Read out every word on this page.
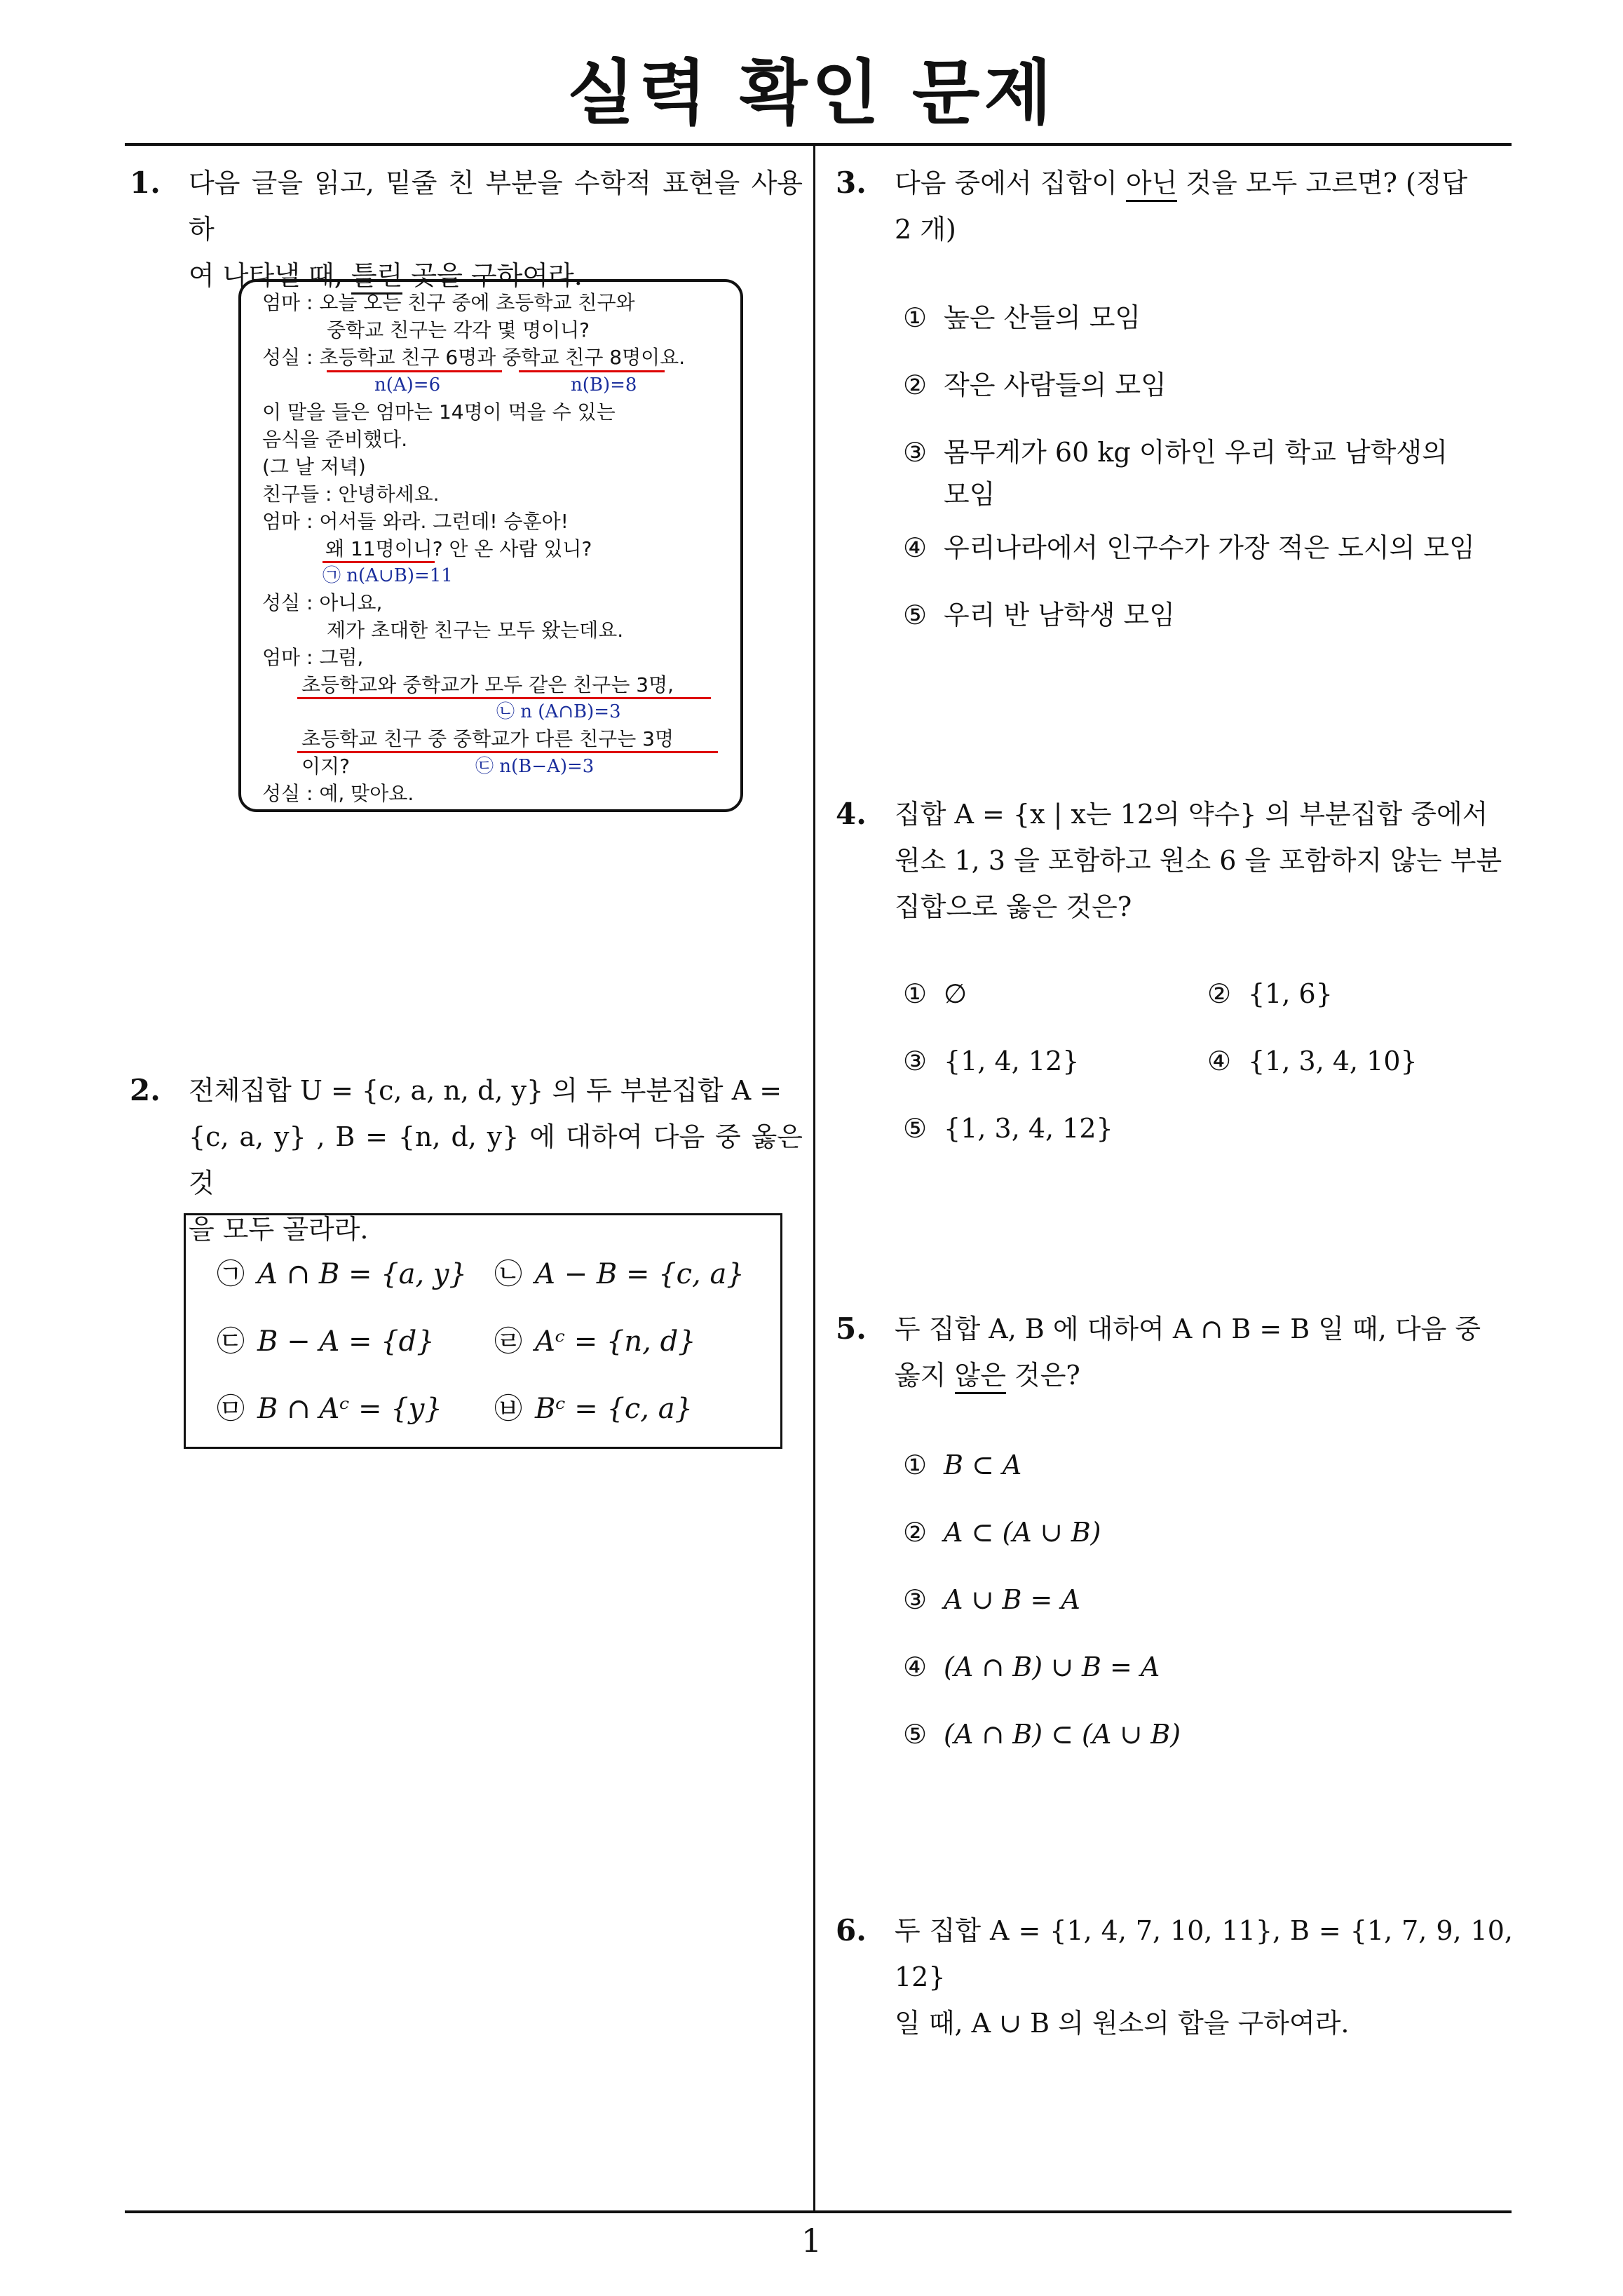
실력 확인 문제
1
1. 다음 글을 읽고, 밑줄 친 부분을 수학적 표현을 사용하
여 나타낼 때, 틀린 곳을 구하여라.
엄마 : 오늘 오는 친구 중에 초등학교 친구와
중학교 친구는 각각 몇 명이니?
성실 : 초등학교 친구 6명과 중학교 친구 8명이요.
n(A)=6	n(B)=8
이 말을 들은 엄마는 14명이 먹을 수 있는
음식을 준비했다.
(그 날 저녁)
친구들 : 안녕하세요.
엄마 : 어서들 와라. 그런데! 승훈아!
왜 11명이니? 안 온 사람 있니?
㉠ n(A∪B)=11
성실 : 아니요,
제가 초대한 친구는 모두 왔는데요.
엄마 : 그럼,
초등학교와 중학교가 모두 같은 친구는 3명,
㉡ n (A∩B)=3
초등학교 친구 중 중학교가 다른 친구는 3명
이지?	㉢ n(B−A)=3
성실 : 예, 맞아요.
2. 전체집합 U = {c, a, n, d, y} 의 두 부분집합 A =
{c, a, y} , B = {n, d, y} 에 대하여 다음 중 옳은 것
을 모두 골라라.
㉠ A ∩ B = {a, y} ㉡ A − B = {c, a}
㉢ B − A = {d} ㉣ Aᶜ = {n, d}
㉤ B ∩ Aᶜ = {y} ㉥ Bᶜ = {c, a}
3. 다음 중에서 집합이 아닌 것을 모두 고르면? (정답
2 개)
① 높은 산들의 모임
② 작은 사람들의 모임
③ 몸무게가 60 kg 이하인 우리 학교 남학생의
모임
④ 우리나라에서 인구수가 가장 적은 도시의 모임
⑤ 우리 반 남학생 모임
4. 집합 A = {x | x는 12의 약수} 의 부분집합 중에서
원소 1, 3 을 포함하고 원소 6 을 포함하지 않는 부분
집합으로 옳은 것은?
① ∅	② {1, 6}
③ {1, 4, 12}	④ {1, 3, 4, 10}
⑤ {1, 3, 4, 12}
5. 두 집합 A, B 에 대하여 A ∩ B = B 일 때, 다음 중
옳지 않은 것은?
① B ⊂ A
② A ⊂ (A ∪ B)
③ A ∪ B = A
④ (A ∩ B) ∪ B = A
⑤ (A ∩ B) ⊂ (A ∪ B)
6. 두 집합 A = {1, 4, 7, 10, 11}, B = {1, 7, 9, 10, 12}
일 때, A ∪ B 의 원소의 합을 구하여라.
